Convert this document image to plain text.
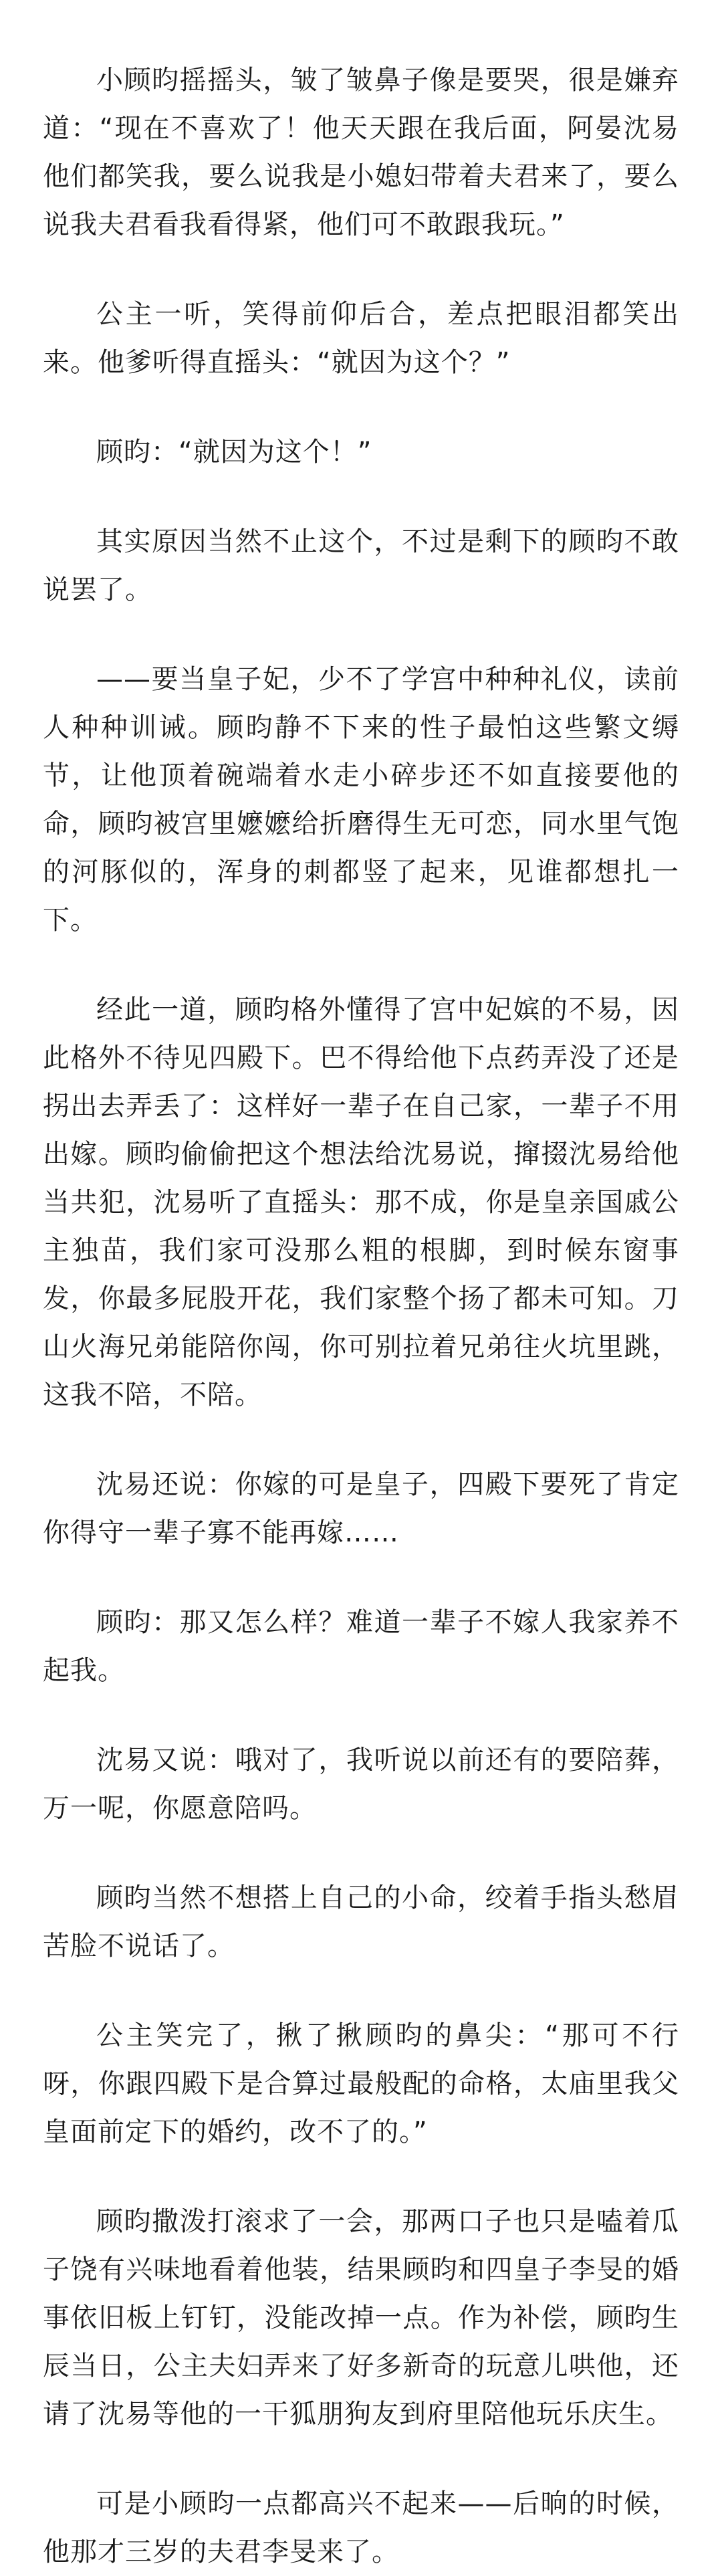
小顾昀摇摇头，皱了皱鼻子像是要哭，很是嫌弃道：“现在不喜欢了！他天天跟在我后面，阿晏沈易他们都笑我，要么说我是小媳妇带着夫君来了，要么说我夫君看我看得紧，他们可不敢跟我玩。”

公主一听，笑得前仰后合，差点把眼泪都笑出来。他爹听得直摇头：“就因为这个？”

顾昀：“就因为这个！”

其实原因当然不止这个，不过是剩下的顾昀不敢说罢了。

——要当皇子妃，少不了学宫中种种礼仪，读前人种种训诫。顾昀静不下来的性子最怕这些繁文缛节，让他顶着碗端着水走小碎步还不如直接要他的命，顾昀被宫里嬷嬷给折磨得生无可恋，同水里气饱的河豚似的，浑身的刺都竖了起来，见谁都想扎一下。

经此一道，顾昀格外懂得了宫中妃嫔的不易，因此格外不待见四殿下。巴不得给他下点药弄没了还是拐出去弄丢了：这样好一辈子在自己家，一辈子不用出嫁。顾昀偷偷把这个想法给沈易说，撺掇沈易给他当共犯，沈易听了直摇头：那不成，你是皇亲国戚公主独苗，我们家可没那么粗的根脚，到时候东窗事发，你最多屁股开花，我们家整个扬了都未可知。刀山火海兄弟能陪你闯，你可别拉着兄弟往火坑里跳，这我不陪，不陪。

沈易还说：你嫁的可是皇子，四殿下要死了肯定你得守一辈子寡不能再嫁……

顾昀：那又怎么样？难道一辈子不嫁人我家养不起我。

沈易又说：哦对了，我听说以前还有的要陪葬，万一呢，你愿意陪吗。

顾昀当然不想搭上自己的小命，绞着手指头愁眉苦脸不说话了。

公主笑完了，揪了揪顾昀的鼻尖：“那可不行呀，你跟四殿下是合算过最般配的命格，太庙里我父皇面前定下的婚约，改不了的。”

顾昀撒泼打滚求了一会，那两口子也只是嗑着瓜子饶有兴味地看着他装，结果顾昀和四皇子李旻的婚事依旧板上钉钉，没能改掉一点。作为补偿，顾昀生辰当日，公主夫妇弄来了好多新奇的玩意儿哄他，还请了沈易等他的一干狐朋狗友到府里陪他玩乐庆生。

可是小顾昀一点都高兴不起来——后晌的时候，他那才三岁的夫君李旻来了。
